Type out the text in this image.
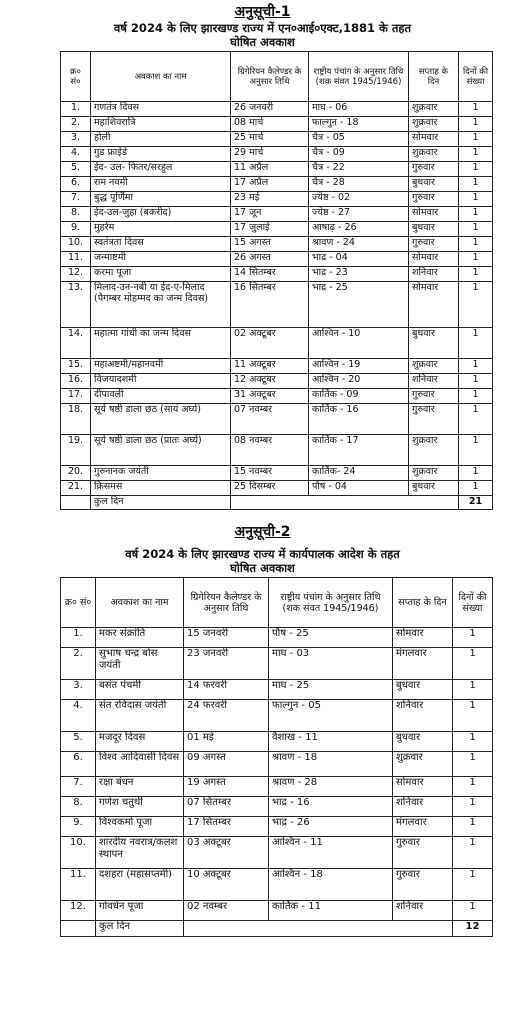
अनुसूची-1
वर्ष 2024 के लिए झारखण्ड राज्य में एन०आई०एक्ट,1881 के तहत
घोषित अवकाश
क्र० सं०	अवकाश का नाम	ग्रिगेरियन कैलेण्डर के अनुसार तिथि	राष्ट्रीय पंचांग के अनुसार तिथि (शक संवत 1945/1946)	सप्ताह के दिन	दिनों की संख्या
1.	गणतंत्र दिवस	26 जनवरी	माघ - 06	शुक्रवार	1
2.	महाशिवरात्रि	08 मार्च	फाल्गुन - 18	शुक्रवार	1
3.	होली	25 मार्च	चैत्र - 05	सोमवार	1
4.	गुड फ्राईडे	29 मार्च	चैत्र - 09	शुक्रवार	1
5.	ईद- उल- फितर/सरहुल	11 अप्रैल	चैत्र - 22	गुरुवार	1
6.	राम नवमी	17 अप्रैल	चैत्र - 28	बुधवार	1
7.	बुद्ध पूर्णिमा	23 मई	ज्येष्ठ - 02	गुरुवार	1
8.	ईद-उल-जुहा (बकरीद)	17 जून	ज्येष्ठ - 27	सोमवार	1
9.	मुहर्रम	17 जुलाई	आषाढ़ - 26	बुधवार	1
10.	स्वतंत्रता दिवस	15 अगस्त	श्रावण - 24	गुरुवार	1
11.	जन्माष्टमी	26 अगस्त	भाद्र - 04	सोमवार	1
12.	करमा पूजा	14 सितम्बर	भाद्र - 23	शनिवार	1
13.	मिलाद-उन-नबी या ईद-ए-मिलाद (पैगम्बर मोहम्मद का जन्म दिवस)	16 सितम्बर	भाद्र - 25	सोमवार	1
14.	महात्मा गांधी का जन्म दिवस	02 अक्टूबर	आश्विन - 10	बुधवार	1
15.	महाअष्टमी/महानवमी	11 अक्टूबर	आश्विन - 19	शुक्रवार	1
16.	विजयादशमी	12 अक्टूबर	आश्विन - 20	शनिवार	1
17.	दीपावली	31 अक्टूबर	कार्तिक - 09	गुरुवार	1
18.	सूर्य षष्ठी डाला छठ (सायं अर्घ्य)	07 नवम्बर	कार्तिक - 16	गुरुवार	1
19.	सूर्य षष्ठी डाला छठ (प्रातः अर्घ्य)	08 नवम्बर	कार्तिक - 17	शुक्रवार	1
20.	गुरुनानक जयंती	15 नवम्बर	कार्तिक- 24	शुक्रवार	1
21.	क्रिसमस	25 दिसम्बर	पौष - 04	बुधवार	1
	कुल दिन				21
अनुसूची-2
वर्ष 2024 के लिए झारखण्ड राज्य में कार्यपालक आदेश के तहत
घोषित अवकाश
क्र० सं०	अवकाश का नाम	ग्रिगेरियन कैलेण्डर के अनुसार तिथि	राष्ट्रीय पंचांग के अनुसार तिथि (शक संवत 1945/1946)	सप्ताह के दिन	दिनों की संख्या
1.	मकर संक्रांति	15 जनवरी	पौष - 25	सोमवार	1
2.	सुभाष चन्द्र बोस जयंती	23 जनवरी	माघ - 03	मंगलवार	1
3.	बसंत पंचमी	14 फरवरी	माघ - 25	बुधवार	1
4.	संत रविदास जयंती	24 फरवरी	फाल्गुन - 05	शनिवार	1
5.	मजदूर दिवस	01 मई	वैशाख - 11	बुधवार	1
6.	विश्व आदिवासी दिवस	09 अगस्त	श्रावण - 18	शुक्रवार	1
7.	रक्षा बंधन	19 अगस्त	श्रावण - 28	सोमवार	1
8.	गणेश चतुर्थी	07 सितम्बर	भाद्र - 16	शनिवार	1
9.	विश्वकर्मा पूजा	17 सितम्बर	भाद्र - 26	मंगलवार	1
10.	शारदीय नवरात्र/कलश स्थापन	03 अक्टूबर	आश्विन - 11	गुरुवार	1
11.	दशहरा (महासप्तमी)	10 अक्टूबर	आश्विन - 18	गुरुवार	1
12.	गोवर्धन पूजा	02 नवम्बर	कार्तिक - 11	शनिवार	1
	कुल दिन				12
